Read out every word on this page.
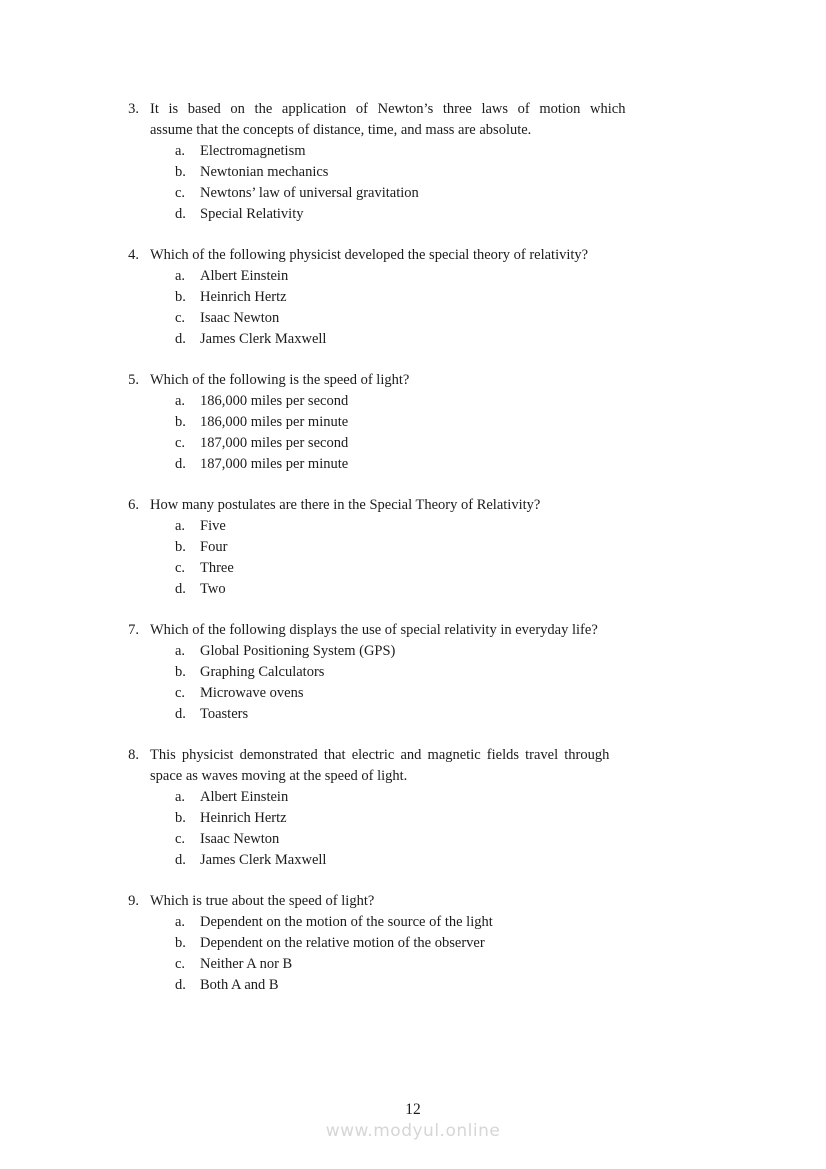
3. It is based on the application of Newton’s three laws of motion which
assume that the concepts of distance, time, and mass are absolute.
a.	Electromagnetism
b. Newtonian mechanics
c.	Newtons’ law of universal gravitation
d. Special Relativity
4. Which of the following physicist developed the special theory of relativity?
a.	Albert Einstein
b. Heinrich Hertz
c.	Isaac Newton
d. James Clerk Maxwell
5. Which of the following is the speed of light?
a.	186,000 miles per second
b. 186,000 miles per minute
c.	187,000 miles per second
d. 187,000 miles per minute
6. How many postulates are there in the Special Theory of Relativity?
a.	Five
b. Four
c.	Three
d. Two
7. Which of the following displays the use of special relativity in everyday life?
a.	Global Positioning System (GPS)
b. Graphing Calculators
c.	Microwave ovens
d. Toasters
8. This physicist demonstrated that electric and magnetic fields travel through
space as waves moving at the speed of light.
a.	Albert Einstein
b. Heinrich Hertz
c.	Isaac Newton
d. James Clerk Maxwell
9. Which is true about the speed of light?
a.	Dependent on the motion of the source of the light
b. Dependent on the relative motion of the observer
c.	Neither A nor B
d. Both A and B
12
www.modyul.online
